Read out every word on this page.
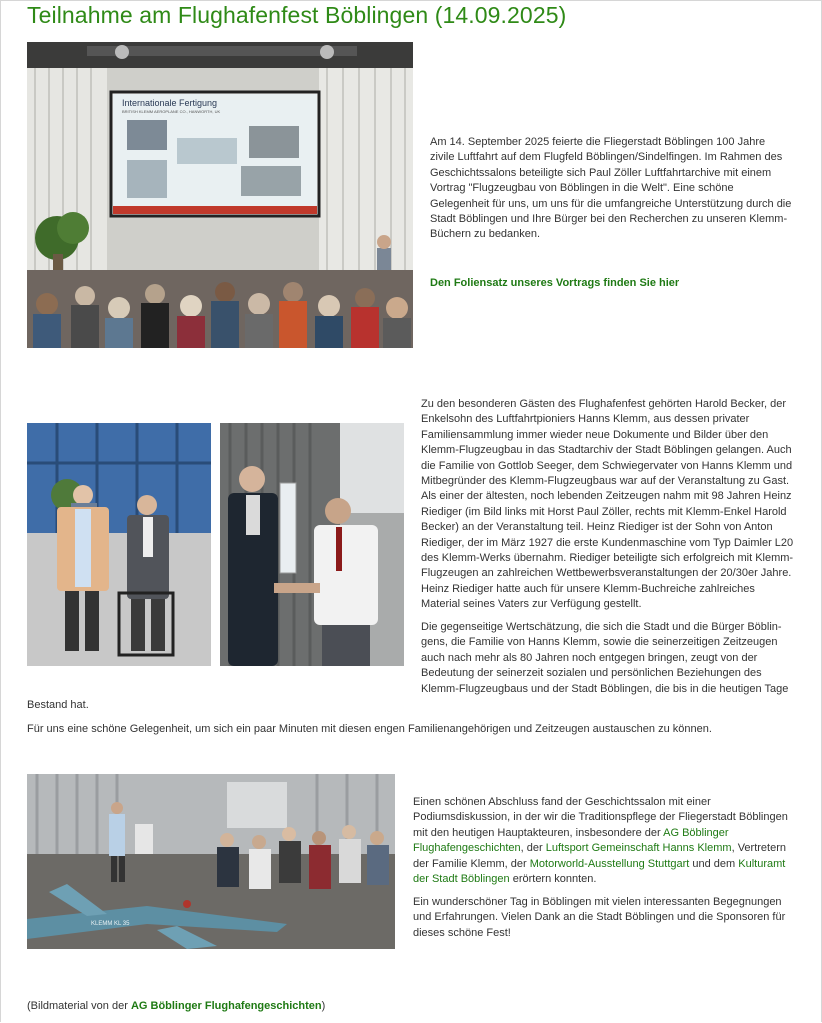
Teilnahme am Flughafenfest Böblingen (14.09.2025)
Internationale Fertigung
BRITISH KLEMM AEROPLANE CO., HANWORTH, UK

Am 14. September 2025 feierte die Fliegerstadt Böblingen 100 Jahre zivile Luftfahrt auf dem Flugfeld Böblingen/Sindelfingen. Im Rahmen des Geschichtssalons beteiligte sich Paul Zöller Luftfahrtarchive mit einem Vortrag "Flugzeugbau von Böblingen in die Welt". Eine schöne Gelegenheit für uns, um uns für die umfangreiche Unterstützung durch die Stadt Böblingen und Ihre Bürger bei den Recherchen zu unseren Klemm-Büchern zu bedanken.

Den Foliensatz unseres Vortrags finden Sie hier

Zu den besonderen Gästen des Flughafenfest gehörten Harold Becker, der Enkelsohn des Luftfahrtpioniers Hanns Klemm, aus dessen privater Familiensammlung immer wieder neue Dokumente und Bilder über den Klemm-Flugzeugbau in das Stadtarchiv der Stadt Böblingen gelangen. Auch die Familie von Gottlob Seeger, dem Schwiegervater von Hanns Klemm und Mitbegründer des Klemm-Flugzeugbaus war auf der Veranstaltung zu Gast. Als einer der ältesten, noch lebenden Zeitzeugen nahm mit 98 Jahren Heinz Riediger (im Bild links mit Horst Paul Zöller, rechts mit Klemm-Enkel Harold Becker) an der Veranstaltung teil. Heinz Riediger ist der Sohn von Anton Riediger, der im März 1927 die erste Kundenmaschine vom Typ Daimler L20 des Klemm-Werks übernahm. Riediger beteiligte sich erfolgreich mit Klemm-Flugzeugen an zahlreichen Wettbewerbsveranstaltungen der 20/30er Jahre. Heinz Riediger hatte auch für unsere Klemm-Buchreiche zahlreiches Material seines Vaters zur Verfügung gestellt.

Die gegenseitige Wertschätzung, die sich die Stadt und die Bürger Böblin-
gens, die Familie von Hanns Klemm, sowie die seinerzeitigen Zeitzeugen
auch nach mehr als 80 Jahren noch entgegen bringen, zeugt von der
Bedeutung der seinerzeit sozialen und persönlichen Beziehungen des
Klemm-Flugzeugbaus und der Stadt Böblingen, die bis in die heutigen Tage
Bestand hat.

Für uns eine schöne Gelegenheit, um sich ein paar Minuten mit diesen engen Familienangehörigen und Zeitzeugen austauschen zu können.

KLEMM KL 35

Einen schönen Abschluss fand der Geschichtssalon mit einer Podiumsdiskussion, in der wir die Traditionspflege der Fliegerstadt Böblingen mit den heutigen Hauptakteuren, insbesondere der AG Böblinger Flughafengeschichten, der Luftsport Gemeinschaft Hanns Klemm, Vertretern der Familie Klemm, der Motorworld-Ausstellung Stuttgart und dem Kulturamt der Stadt Böblingen erörtern konnten.

Ein wunderschöner Tag in Böblingen mit vielen interessanten Begegnungen und Erfahrungen. Vielen Dank an die Stadt Böblingen und die Sponsoren für dieses schöne Fest!

(Bildmaterial von der AG Böblinger Flughafengeschichten)
